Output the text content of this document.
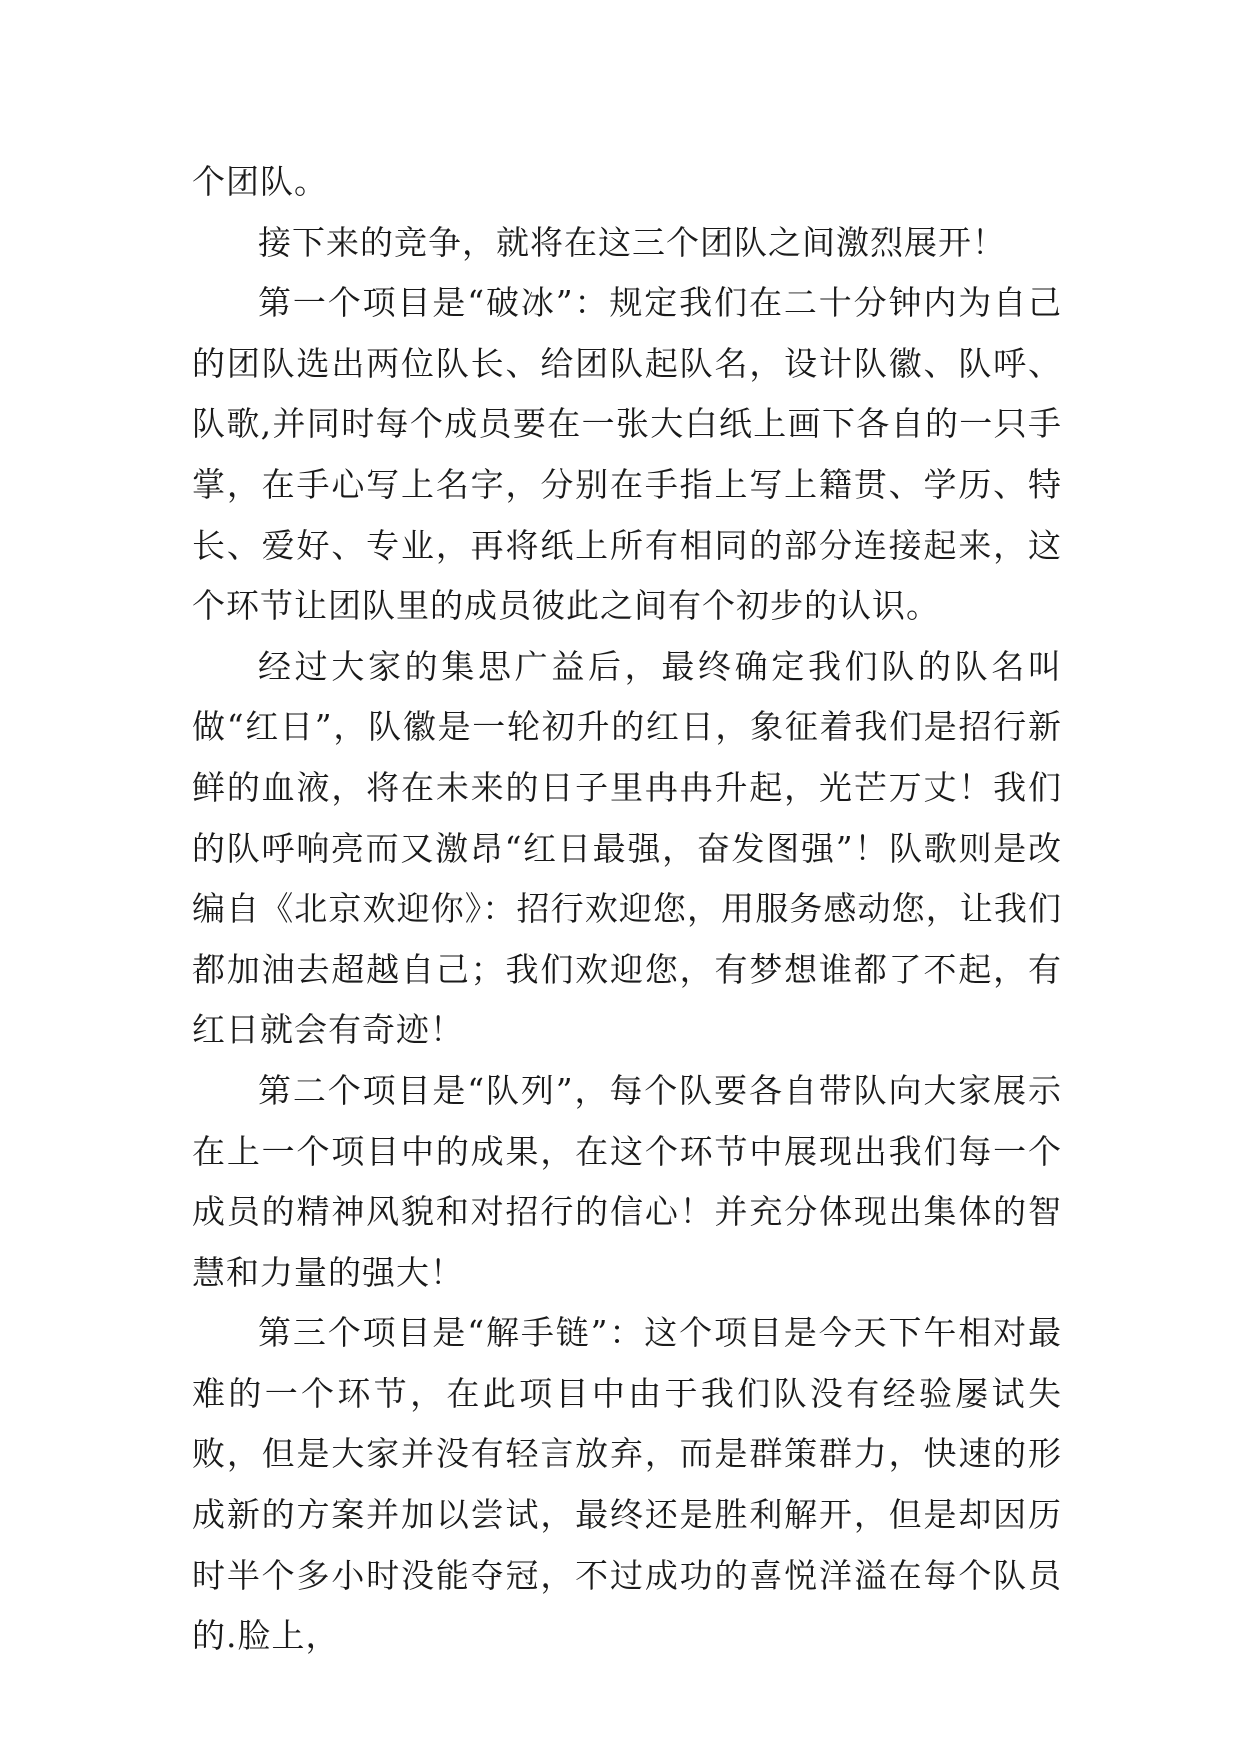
个团队。

接下来的竞争，就将在这三个团队之间激烈展开！

第一个项目是“破冰”：规定我们在二十分钟内为自己的团队选出两位队长、给团队起队名，设计队徽、队呼、队歌,并同时每个成员要在一张大白纸上画下各自的一只手掌，在手心写上名字，分别在手指上写上籍贯、学历、特长、爱好、专业，再将纸上所有相同的部分连接起来，这个环节让团队里的成员彼此之间有个初步的认识。

经过大家的集思广益后，最终确定我们队的队名叫做“红日”，队徽是一轮初升的红日，象征着我们是招行新鲜的血液，将在未来的日子里冉冉升起，光芒万丈！我们的队呼响亮而又激昂“红日最强，奋发图强”！队歌则是改编自《北京欢迎你》：招行欢迎您，用服务感动您，让我们都加油去超越自己；我们欢迎您，有梦想谁都了不起，有红日就会有奇迹！

第二个项目是“队列”，每个队要各自带队向大家展示在上一个项目中的成果，在这个环节中展现出我们每一个成员的精神风貌和对招行的信心！并充分体现出集体的智慧和力量的强大！

第三个项目是“解手链”：这个项目是今天下午相对最难的一个环节，在此项目中由于我们队没有经验屡试失败，但是大家并没有轻言放弃，而是群策群力，快速的形成新的方案并加以尝试，最终还是胜利解开，但是却因历时半个多小时没能夺冠，不过成功的喜悦洋溢在每个队员的.脸上，
